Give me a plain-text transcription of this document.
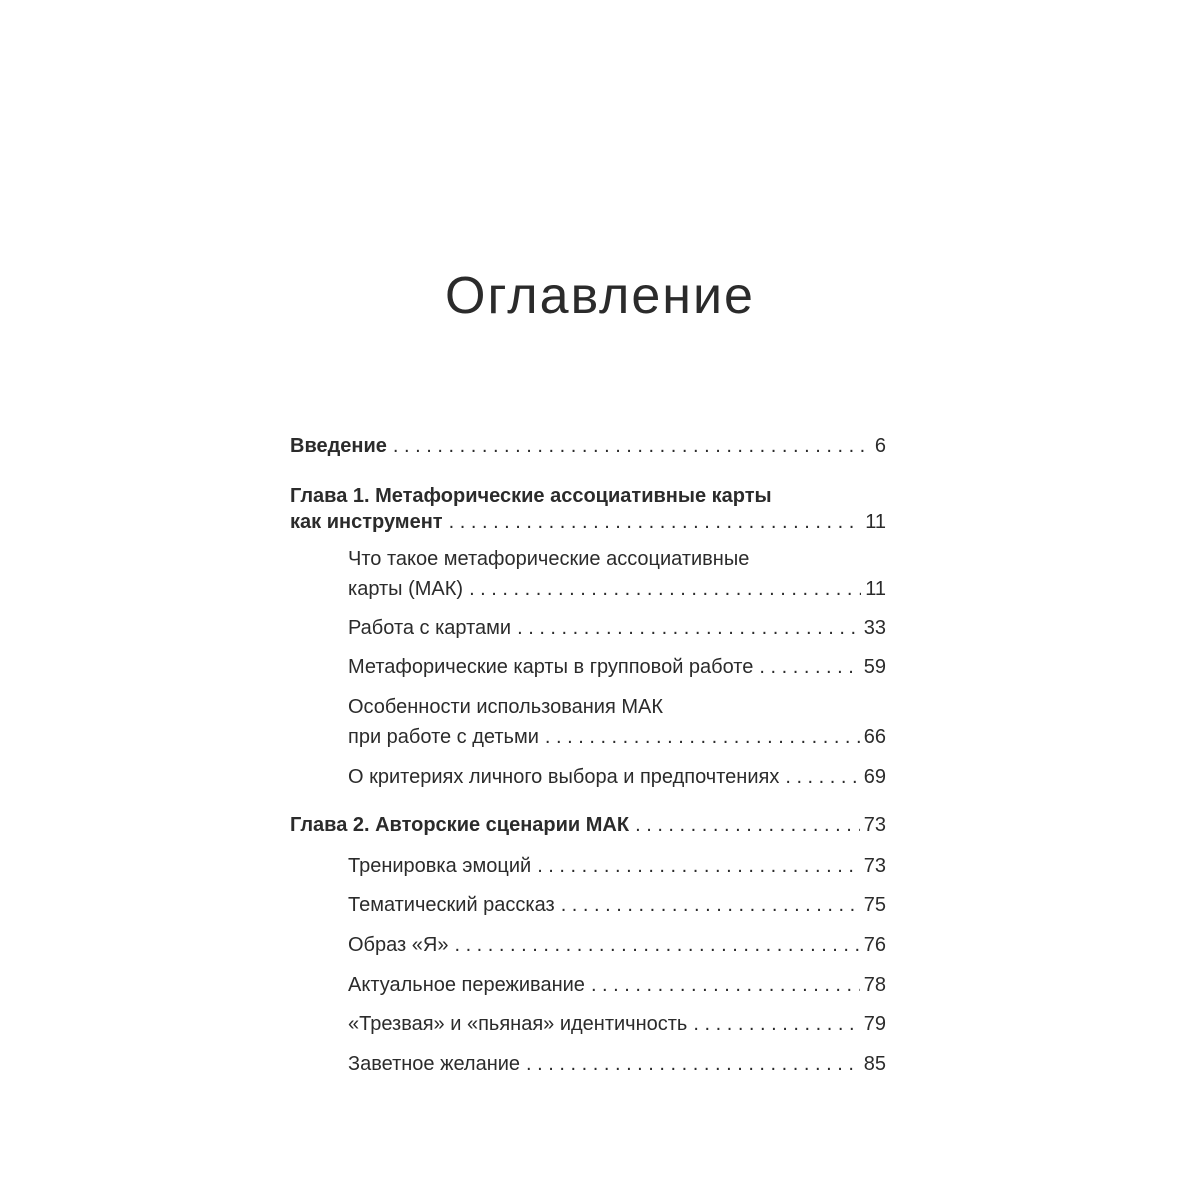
Оглавление
Введение . . .	6
Глава 1. Метафорические ассоциативные карты
как инструмент . . .	11
Что такое метафорические ассоциативные
карты (МАК) . . .	11
Работа с картами . . .	33
Метафорические карты в групповой работе . . .	59
Особенности использования МАК
при работе с детьми . . .	66
О критериях личного выбора и предпочтениях . . .	69
Глава 2. Авторские сценарии МАК . . .	73
Тренировка эмоций . . .	73
Тематический рассказ . . .	75
Образ «Я» . . .	76
Актуальное переживание . . .	78
«Трезвая» и «пьяная» идентичность . . .	79
Заветное желание . . .	85
